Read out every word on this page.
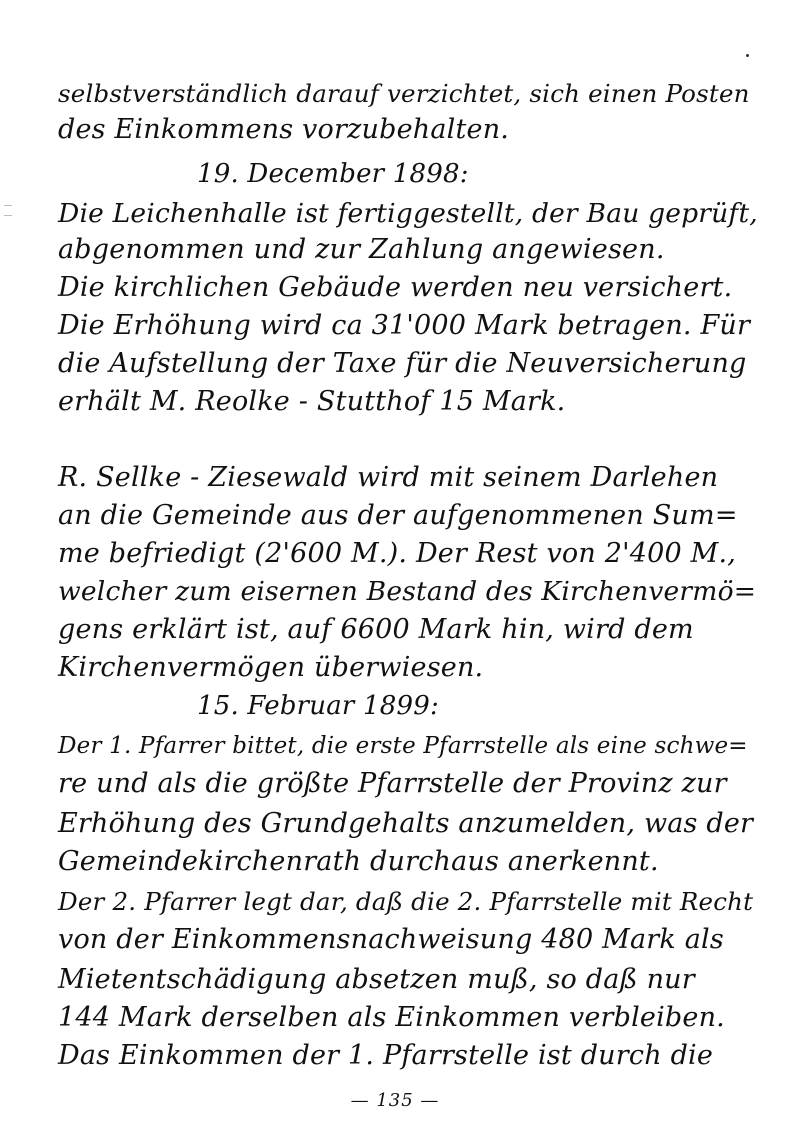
selbstverständlich darauf verzichtet, sich einen Posten
des Einkommens vorzubehalten.
19. December 1898:
Die Leichenhalle ist fertiggestellt, der Bau geprüft,
abgenommen und zur Zahlung angewiesen.
Die kirchlichen Gebäude werden neu versichert.
Die Erhöhung wird ca 31'000 Mark betragen. Für
die Aufstellung der Taxe für die Neuversicherung
erhält M. Reolke - Stutthof 15 Mark.
R. Sellke - Ziesewald wird mit seinem Darlehen
an die Gemeinde aus der aufgenommenen Sum=
me befriedigt (2'600 M.). Der Rest von 2'400 M.,
welcher zum eisernen Bestand des Kirchenvermö=
gens erklärt ist, auf 6600 Mark hin, wird dem
Kirchenvermögen überwiesen.
15. Februar 1899:
Der 1. Pfarrer bittet, die erste Pfarrstelle als eine schwe=
re und als die größte Pfarrstelle der Provinz zur
Erhöhung des Grundgehalts anzumelden, was der
Gemeindekirchenrath durchaus anerkennt.
Der 2. Pfarrer legt dar, daß die 2. Pfarrstelle mit Recht
von der Einkommensnachweisung 480 Mark als
Mietentschädigung absetzen muß, so daß nur
144 Mark derselben als Einkommen verbleiben.
Das Einkommen der 1. Pfarrstelle ist durch die
— 135 —
